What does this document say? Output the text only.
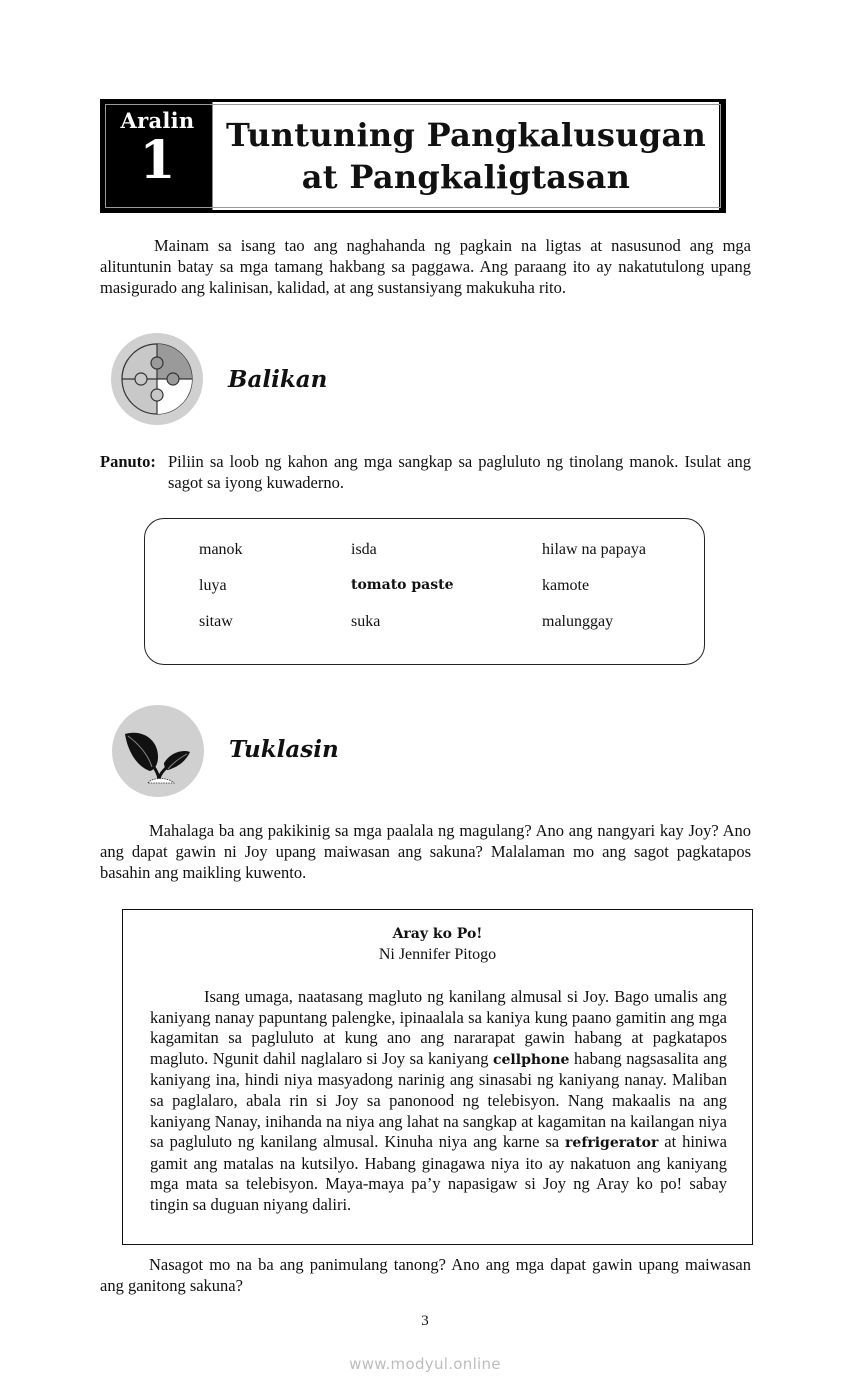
Aralin
1 Tuntuning Pangkalusugan
at Pangkaligtasan
Mainam sa isang tao ang naghahanda ng pagkain na ligtas at nasusunod ang mga alituntunin batay sa mga tamang hakbang sa paggawa. Ang paraang ito ay nakatutulong upang masigurado ang kalinisan, kalidad, at ang sustansiyang makukuha rito.
Balikan
Panuto: Piliin sa loob ng kahon ang mga sangkap sa pagluluto ng tinolang manok. Isulat ang sagot sa iyong kuwaderno.
manok	isda	hilaw na papaya
luya	tomato paste	kamote
sitaw	suka	malunggay
Tuklasin
Mahalaga ba ang pakikinig sa mga paalala ng magulang? Ano ang nangyari kay Joy? Ano ang dapat gawin ni Joy upang maiwasan ang sakuna? Malalaman mo ang sagot pagkatapos basahin ang maikling kuwento.
Aray ko Po!
Ni Jennifer Pitogo
Isang umaga, naatasang magluto ng kanilang almusal si Joy. Bago umalis ang kaniyang nanay papuntang palengke, ipinaalala sa kaniya kung paano gamitin ang mga kagamitan sa pagluluto at kung ano ang nararapat gawin habang at pagkatapos magluto. Ngunit dahil naglalaro si Joy sa kaniyang cellphone habang nagsasalita ang kaniyang ina, hindi niya masyadong narinig ang sinasabi ng kaniyang nanay. Maliban sa paglalaro, abala rin si Joy sa panonood ng telebisyon. Nang makaalis na ang kaniyang Nanay, inihanda na niya ang lahat na sangkap at kagamitan na kailangan niya sa pagluluto ng kanilang almusal. Kinuha niya ang karne sa refrigerator at hiniwa gamit ang matalas na kutsilyo. Habang ginagawa niya ito ay nakatuon ang kaniyang mga mata sa telebisyon. Maya-maya pa’y napasigaw si Joy ng Aray ko po! sabay tingin sa duguan niyang daliri.
Nasagot mo na ba ang panimulang tanong? Ano ang mga dapat gawin upang maiwasan ang ganitong sakuna?
3
www.modyul.online
